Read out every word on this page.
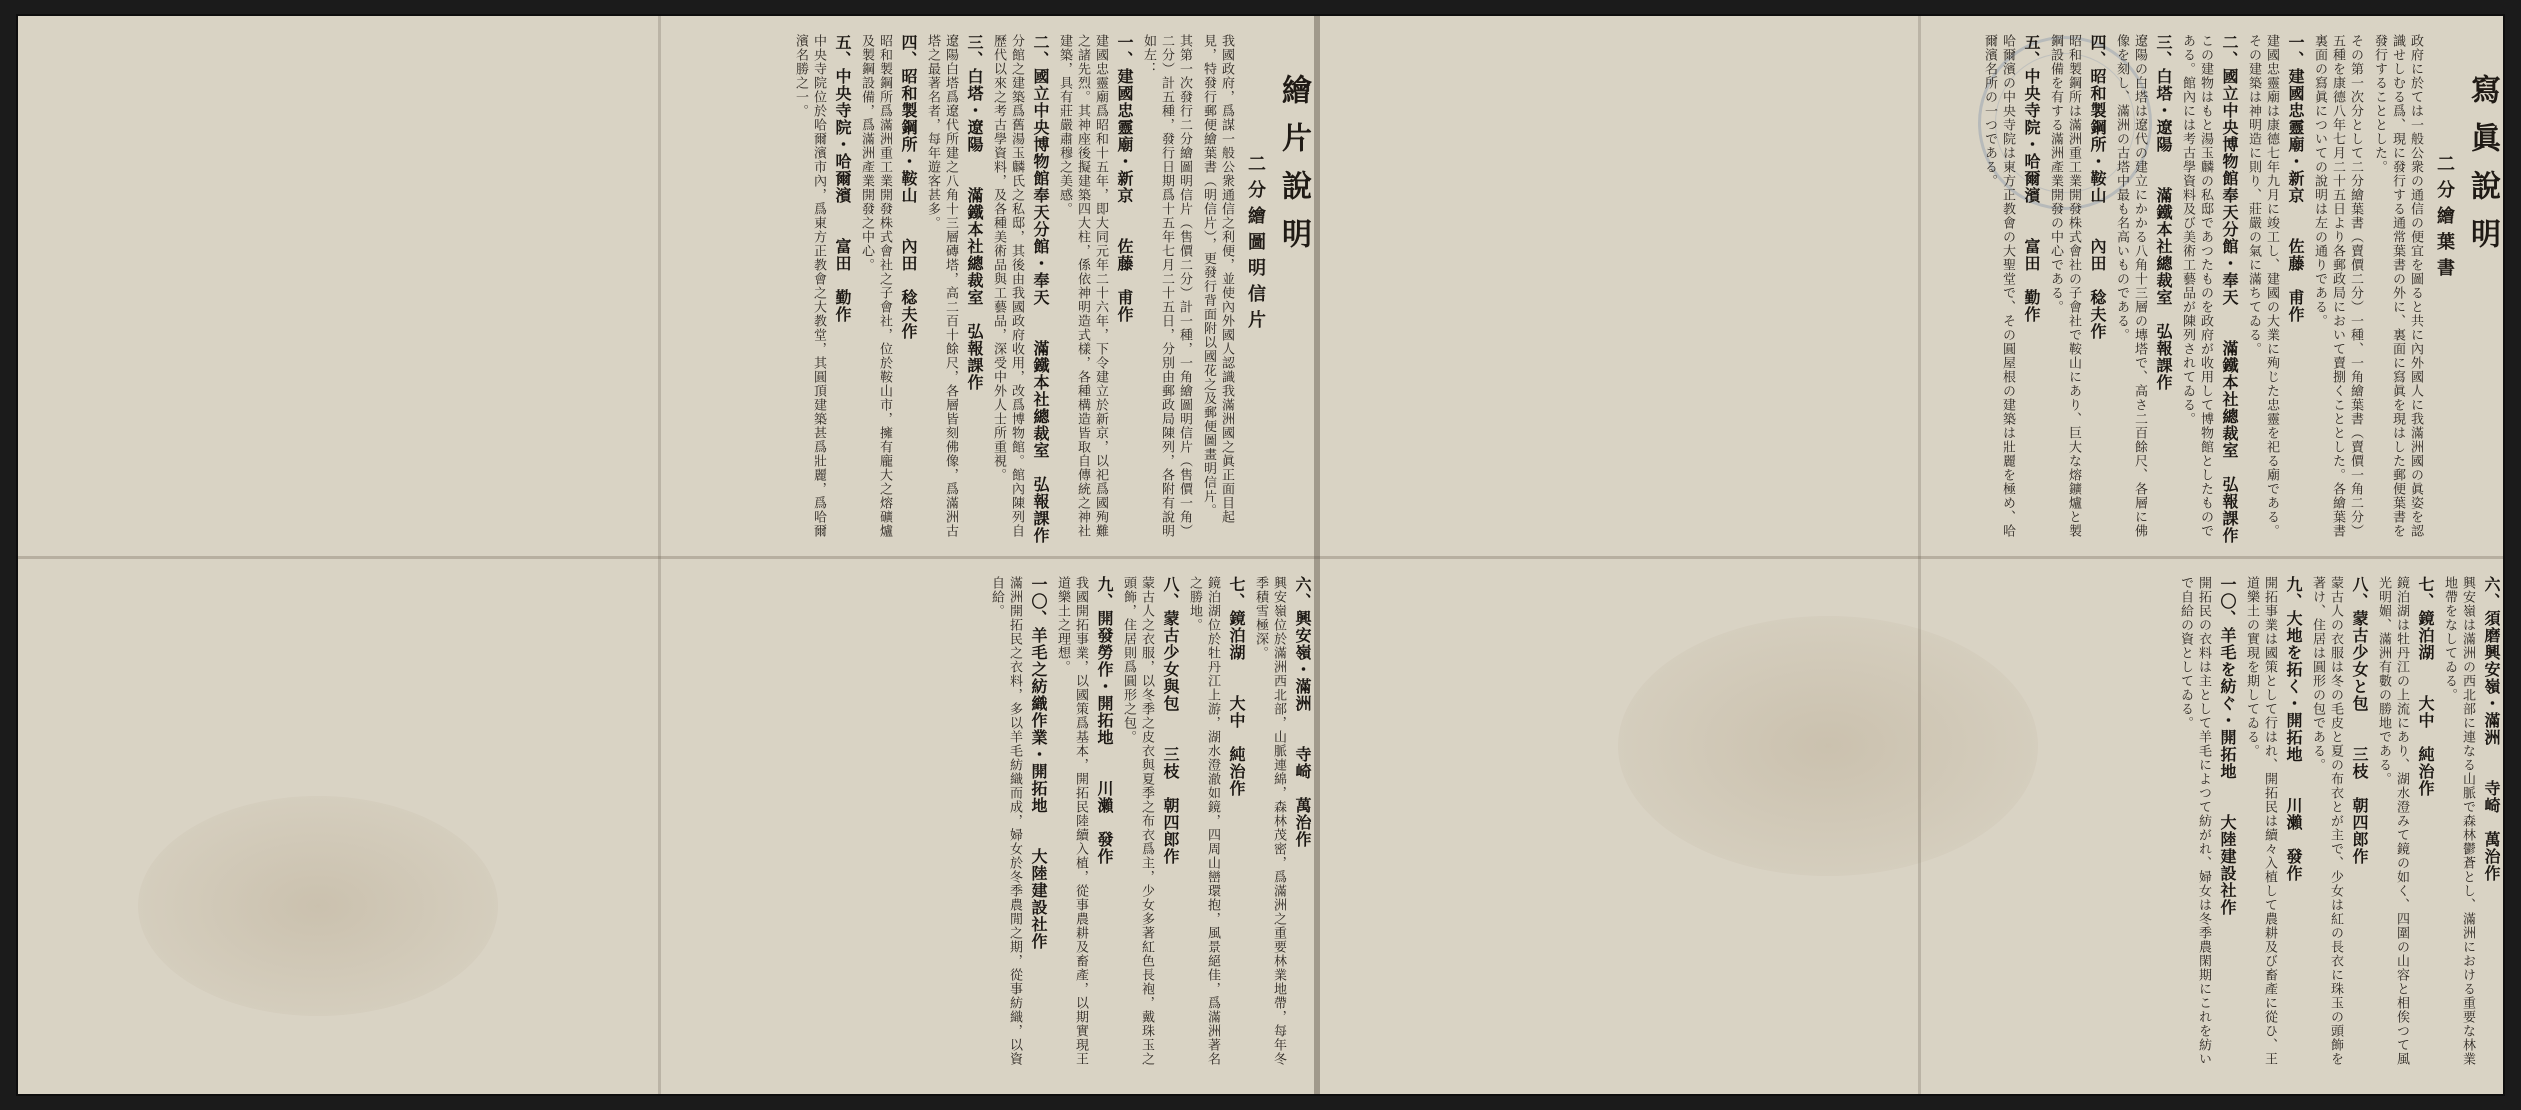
繪片說明
二分繪圖明信片
我國政府，爲謀一般公衆通信之利便，並使內外國人認識我滿洲國之眞正面目起見，特發行郵便繪葉書（明信片），更發行背面附以國花之及郵便圖畫明信片。
其第一次發行二分繪圖明信片（售價二分）計一種，一角繪圖明信片（售價一角）二分）計五種，發行日期爲十五年七月二十五日，分別由郵政局陳列，各附有說明如左：
一、建國忠靈廟・新京　　佐藤　甫作
建國忠靈廟爲昭和十五年，即大同元年二十六年，下令建立於新京，以祀爲國殉難之諸先烈。其神座後擬建築四大柱，係依神明造式樣，各種構造皆取自傳統之神社建築，具有莊嚴肅穆之美感。
二、國立中央博物館奉天分館・奉天　　滿鐵本社總裁室　弘報課作
分館之建築爲舊湯玉麟氏之私邸，其後由我國政府收用，改爲博物館。館內陳列自歷代以來之考古學資料，及各種美術品與工藝品，深受中外人士所重視。
三、白塔・遼陽　　滿鐵本社總裁室　弘報課作
遼陽白塔爲遼代所建之八角十三層磚塔，高二百十餘尺，各層皆刻佛像，爲滿洲古塔之最著名者，每年遊客甚多。
四、昭和製鋼所・鞍山　　內田　稔夫作
昭和製鋼所爲滿洲重工業開發株式會社之子會社，位於鞍山市，擁有龐大之熔礦爐及製鋼設備，爲滿洲產業開發之中心。
五、中央寺院・哈爾濱　　富田　勤作
中央寺院位於哈爾濱市內，爲東方正教會之大教堂，其圓頂建築甚爲壯麗，爲哈爾濱名勝之一。
六、興安嶺・滿洲　　寺崎　萬治作
興安嶺位於滿洲西北部，山脈連綿，森林茂密，爲滿洲之重要林業地帶，每年冬季積雪極深。
七、鏡泊湖　　大中　純治作
鏡泊湖位於牡丹江上游，湖水澄澈如鏡，四周山巒環抱，風景絕佳，爲滿洲著名之勝地。
八、蒙古少女與包　　三枝　朝四郎作
蒙古人之衣服，以冬季之皮衣與夏季之布衣爲主，少女多著紅色長袍，戴珠玉之頭飾，住居則爲圓形之包。
九、開發勞作・開拓地　　川瀨　發作
我國開拓事業，以國策爲基本，開拓民陸續入植，從事農耕及畜產，以期實現王道樂土之理想。
一〇、羊毛之紡織作業・開拓地　　大陸建設社作
滿洲開拓民之衣料，多以羊毛紡織而成，婦女於冬季農閒之期，從事紡織，以資自給。
寫眞說明
二分繪葉書
政府に於ては一般公衆の通信の便宜を圖ると共に內外國人に我滿洲國の眞姿を認識せしむる爲、現に發行する通常葉書の外に、裏面に寫眞を現はした郵便葉書を發行することとした。
その第一次分として二分繪葉書（賣價二分）一種、一角繪葉書（賣價一角二分）五種を康德八年七月二十五日より各郵政局において賣捌くこととした。各繪葉書裏面の寫眞についての說明は左の通りである。
一、建國忠靈廟・新京　　佐藤　甫作
建國忠靈廟は康德七年九月に竣工し、建國の大業に殉じた忠靈を祀る廟である。その建築は神明造に則り、莊嚴の氣に滿ちてゐる。
二、國立中央博物館奉天分館・奉天　　滿鐵本社總裁室　弘報課作
この建物はもと湯玉麟の私邸であつたものを政府が收用して博物館としたものである。館內には考古學資料及び美術工藝品が陳列されてゐる。
三、白塔・遼陽　　滿鐵本社總裁室　弘報課作
遼陽の白塔は遼代の建立にかかる八角十三層の塼塔で、高さ二百餘尺、各層に佛像を刻し、滿洲の古塔中最も名高いものである。
四、昭和製鋼所・鞍山　　內田　稔夫作
昭和製鋼所は滿洲重工業開發株式會社の子會社で鞍山にあり、巨大な熔鑛爐と製鋼設備を有する滿洲產業開發の中心である。
五、中央寺院・哈爾濱　　富田　勤作
哈爾濱の中央寺院は東方正教會の大聖堂で、その圓屋根の建築は壯麗を極め、哈爾濱名所の一つである。
六、須磨興安嶺・滿洲　　寺崎　萬治作
興安嶺は滿洲の西北部に連なる山脈で森林鬱蒼とし、滿洲における重要な林業地帶をなしてゐる。
七、鏡泊湖　　大中　純治作
鏡泊湖は牡丹江の上流にあり、湖水澄みて鏡の如く、四圍の山容と相俟つて風光明媚、滿洲有數の勝地である。
八、蒙古少女と包　　三枝　朝四郎作
蒙古人の衣服は冬の毛皮と夏の布衣とが主で、少女は紅の長衣に珠玉の頭飾を著け、住居は圓形の包である。
九、大地を拓く・開拓地　　川瀨　發作
開拓事業は國策として行はれ、開拓民は續々入植して農耕及び畜產に從ひ、王道樂土の實現を期してゐる。
一〇、羊毛を紡ぐ・開拓地　　大陸建設社作
開拓民の衣料は主として羊毛によつて紡がれ、婦女は冬季農閑期にこれを紡いで自給の資としてゐる。
